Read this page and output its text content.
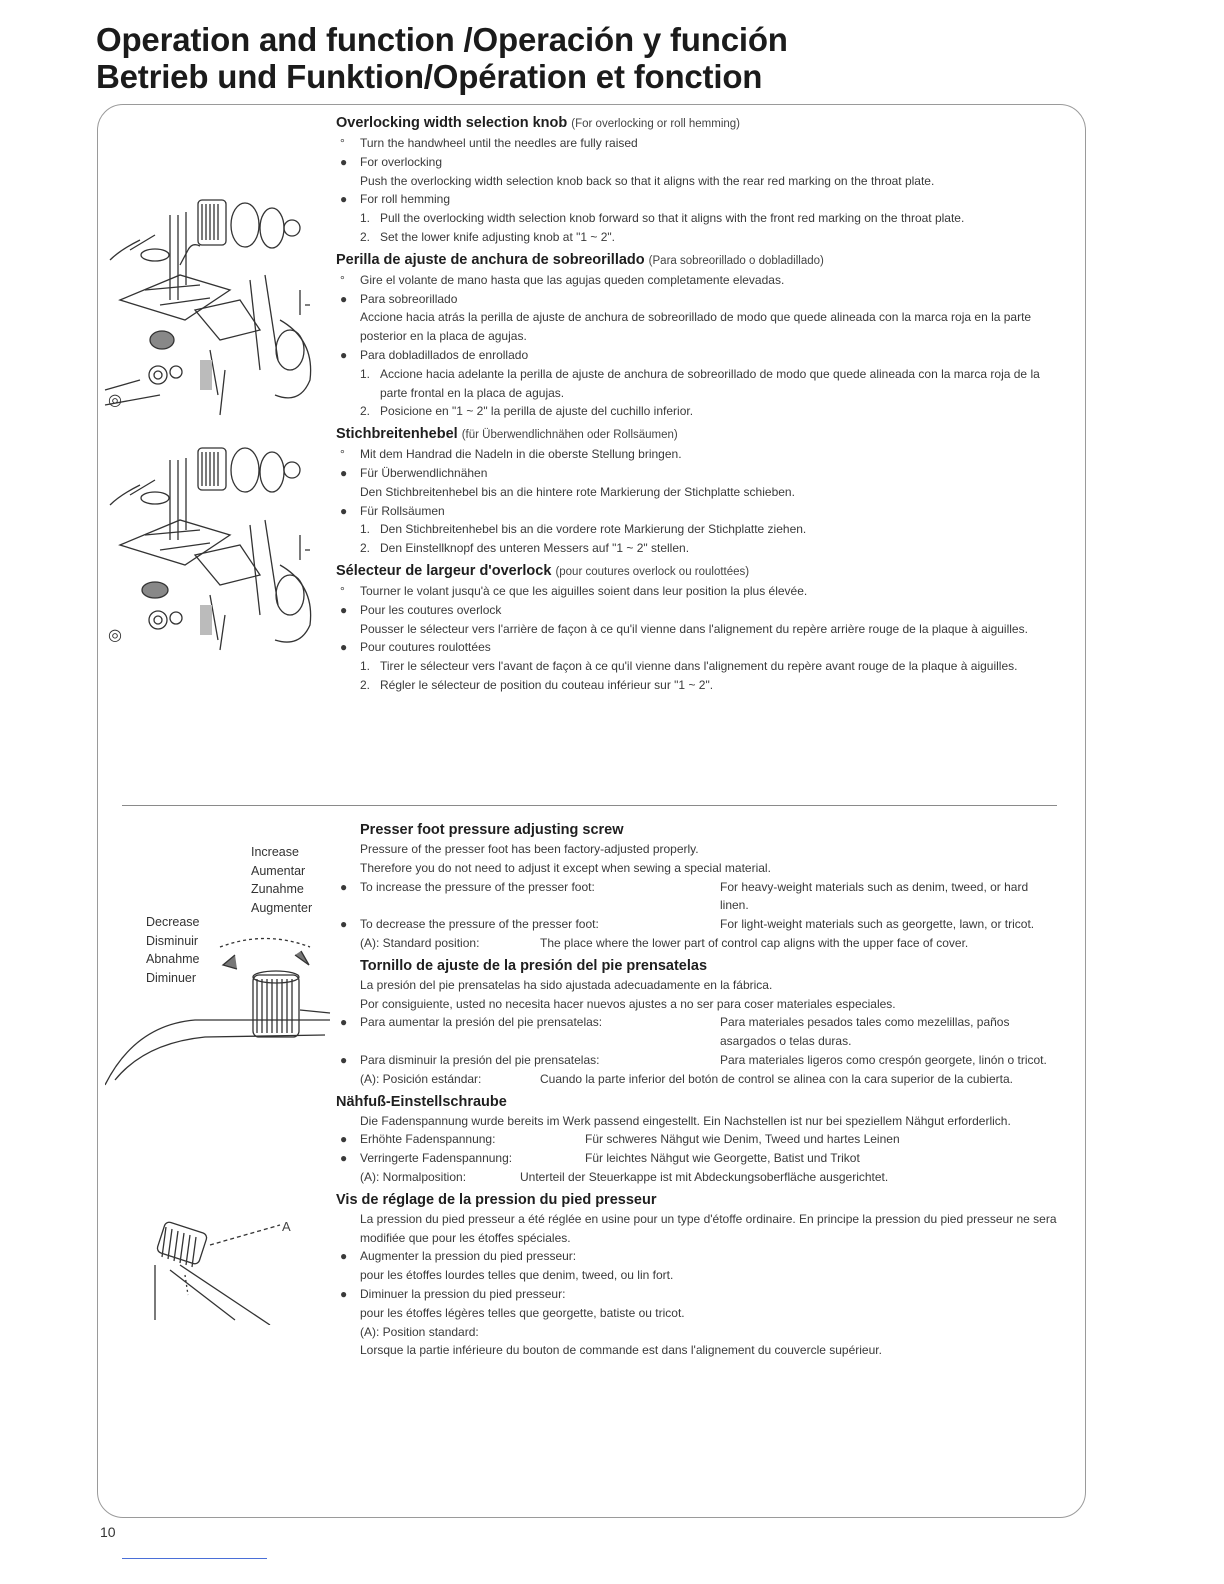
Operation and function /Operación y función
Betrieb und Funktion/Opération et fonction
◎
◎
A
Increase
Aumentar
Zunahme
Augmenter
Decrease
Disminuir
Abnahme
Diminuer
Overlocking width selection knob (For overlocking or roll hemming)
°	Turn the handwheel until the needles are fully raised
●	For overlocking
Push the overlocking width selection knob back so that it aligns with the rear red marking on the throat plate.
●	For roll hemming
1. Pull the overlocking width selection knob forward so that it aligns with the front red marking on the throat plate.
2. Set the lower knife adjusting knob at "1 ~ 2".
Perilla de ajuste de anchura de sobreorillado (Para sobreorillado o dobladillado)
°	Gire el volante de mano hasta que las agujas queden completamente elevadas.
●	Para sobreorillado
Accione hacia atrás la perilla de ajuste de anchura de sobreorillado de modo que quede alineada con la marca roja en la parte posterior en la placa de agujas.
●	Para dobladillados de enrollado
1. Accione hacia adelante la perilla de ajuste de anchura de sobreorillado de modo que quede alineada con la marca roja de la parte frontal en la placa de agujas.
2. Posicione en "1 ~ 2" la perilla de ajuste del cuchillo inferior.
Stichbreitenhebel (für Überwendlichnähen oder Rollsäumen)
°	Mit dem Handrad die Nadeln in die oberste Stellung bringen.
●	Für Überwendlichnähen
Den Stichbreitenhebel bis an die hintere rote Markierung der Stichplatte schieben.
●	Für Rollsäumen
1. Den Stichbreitenhebel bis an die vordere rote Markierung der Stichplatte ziehen.
2. Den Einstellknopf des unteren Messers auf "1 ~ 2" stellen.
Sélecteur de largeur d'overlock (pour coutures overlock ou roulottées)
°	Tourner le volant jusqu'à ce que les aiguilles soient dans leur position la plus élevée.
●	Pour les coutures overlock
Pousser le sélecteur vers l'arrière de façon à ce qu'il vienne dans l'alignement du repère arrière rouge de la plaque à aiguilles.
●	Pour coutures roulottées
1. Tirer le sélecteur vers l'avant de façon à ce qu'il vienne dans l'alignement du repère avant rouge de la plaque à aiguilles.
2. Régler le sélecteur de position du couteau inférieur sur "1 ~ 2".
Presser foot pressure adjusting screw
Pressure of the presser foot has been factory-adjusted properly.
Therefore you do not need to adjust it except when sewing a special material.
● To increase the pressure of the presser foot:	For heavy-weight materials such as denim, tweed, or hard linen.
● To decrease the pressure of the presser foot:	For light-weight materials such as georgette, lawn, or tricot.
(A): Standard position:	The place where the lower part of control cap aligns with the upper face of cover.
Tornillo de ajuste de la presión del pie prensatelas
La presión del pie prensatelas ha sido ajustada adecuadamente en la fábrica.
Por consiguiente, usted no necesita hacer nuevos ajustes a no ser para coser materiales especiales.
● Para aumentar la presión del pie prensatelas:	Para materiales pesados tales como mezelillas, paños asargados o telas duras.
● Para disminuir la presión del pie prensatelas:	Para materiales ligeros como crespón georgete, linón o tricot.
(A): Posición estándar:	Cuando la parte inferior del botón de control se alinea con la cara superior de la cubierta.
Nähfuß-Einstellschraube
Die Fadenspannung wurde bereits im Werk passend eingestellt. Ein Nachstellen ist nur bei speziellem Nähgut erforderlich.
● Erhöhte Fadenspannung:	Für schweres Nähgut wie Denim, Tweed und hartes Leinen
● Verringerte Fadenspannung:	Für leichtes Nähgut wie Georgette, Batist und Trikot
(A): Normalposition:	Unterteil der Steuerkappe ist mit Abdeckungsoberfläche ausgerichtet.
Vis de réglage de la pression du pied presseur
La pression du pied presseur a été réglée en usine pour un type d'étoffe ordinaire. En principe la pression du pied presseur ne sera modifiée que pour les étoffes spéciales.
● Augmenter la pression du pied presseur:pour les étoffes lourdes telles que denim, tweed, ou lin fort.
● Diminuer la pression du pied presseur:pour les étoffes légères telles que georgette, batiste ou tricot.
(A): Position standard:Lorsque la partie inférieure du bouton de commande est dans l'alignement du couvercle supérieur.
10
